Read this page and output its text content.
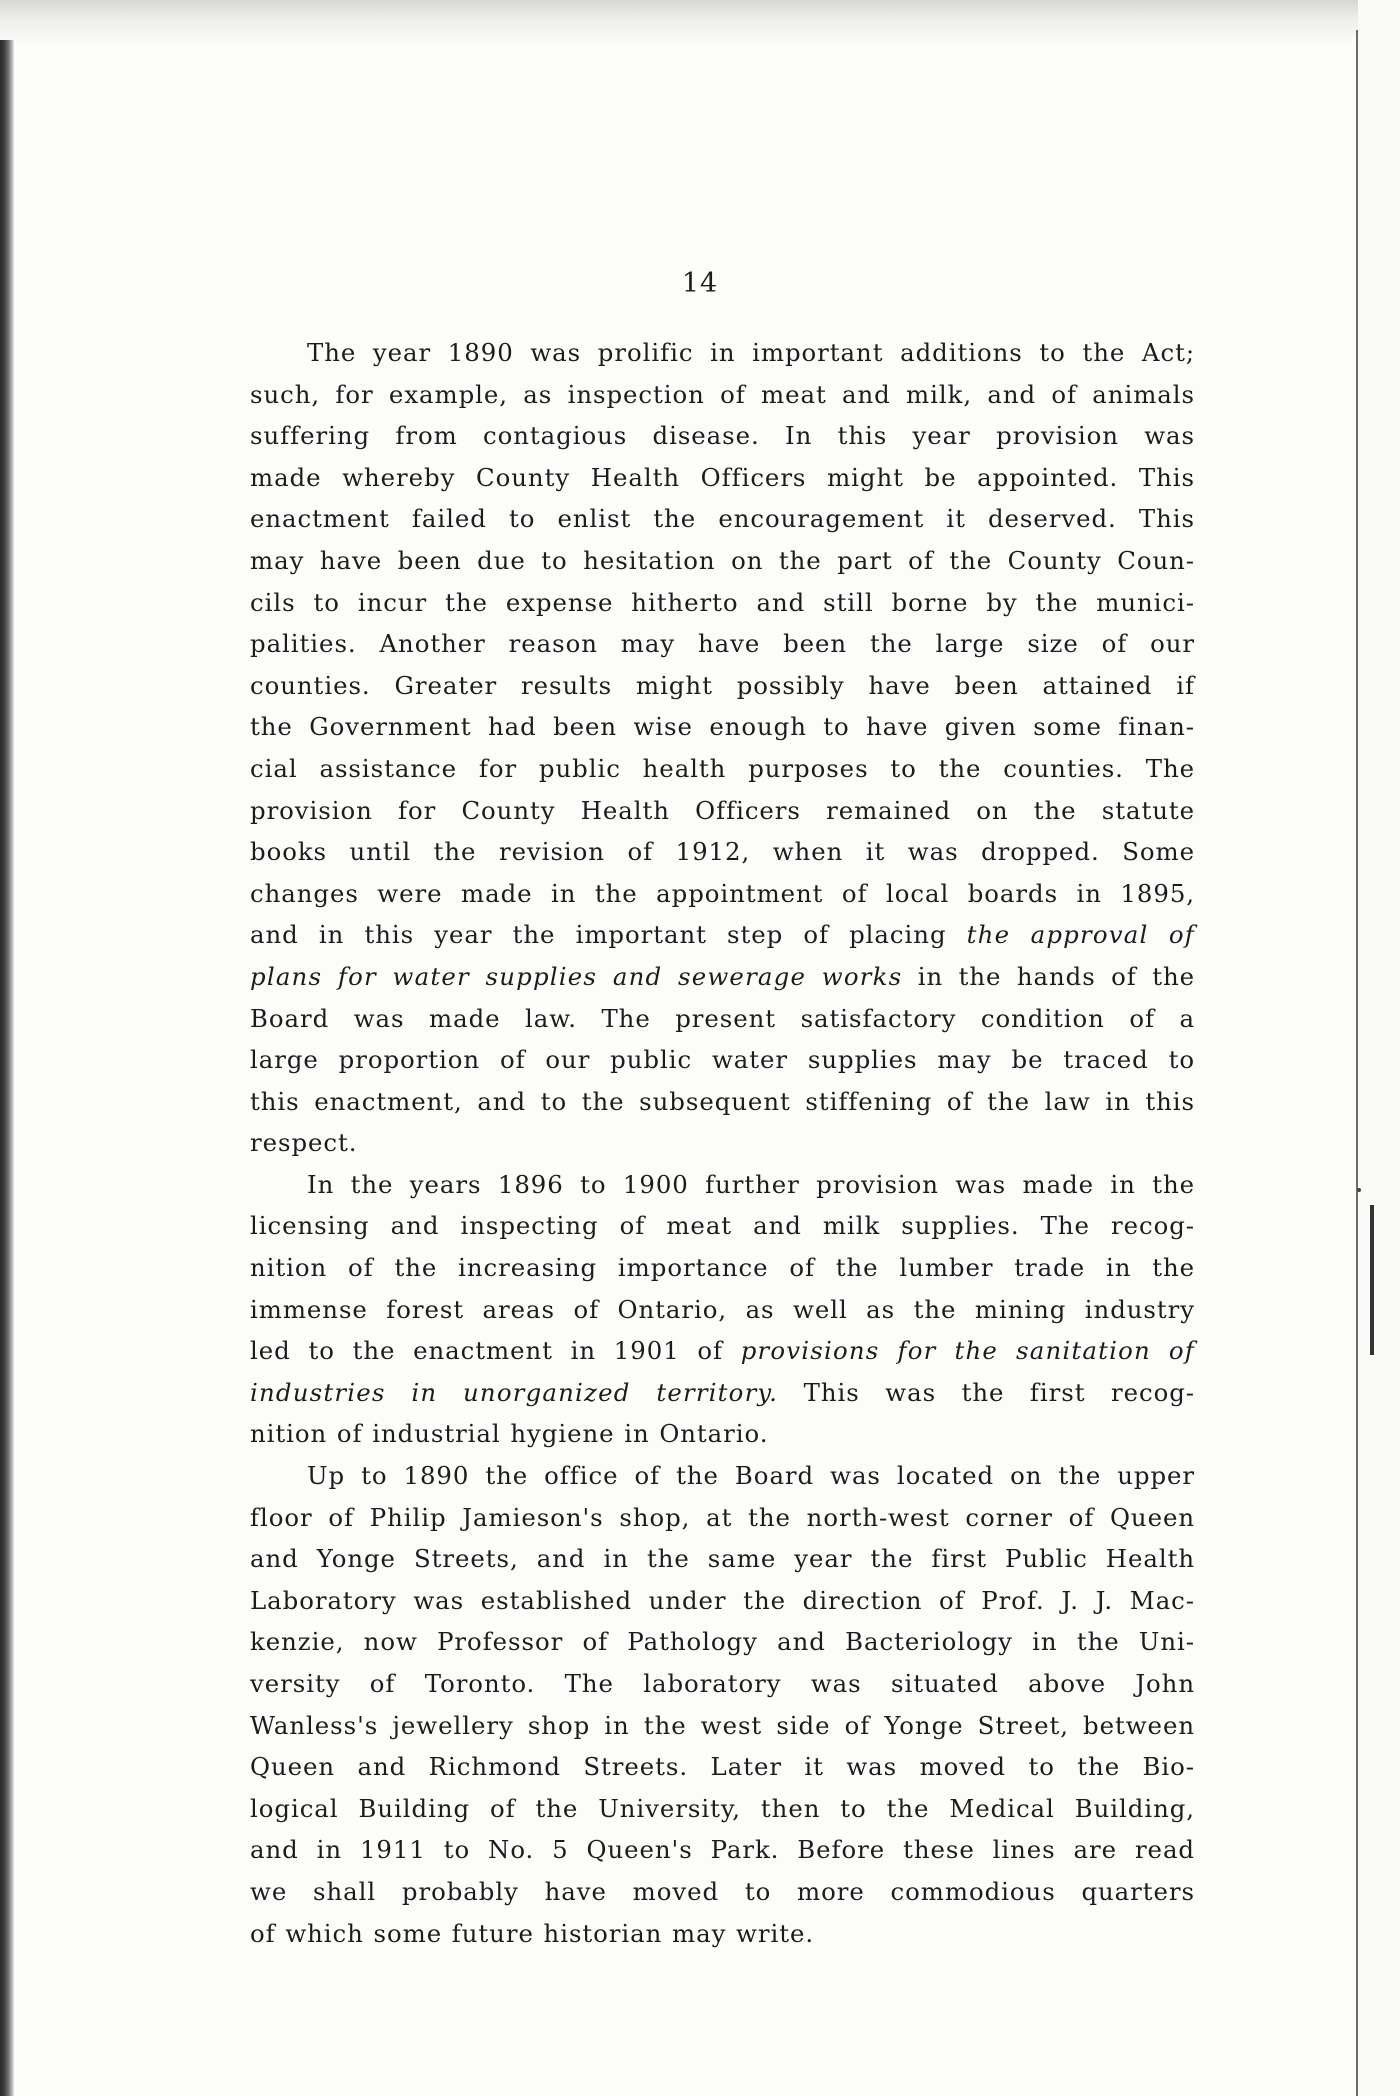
14
The year 1890 was prolific in important additions to the Act;
such, for example, as inspection of meat and milk, and of animals
suffering from contagious disease. In this year provision was
made whereby County Health Officers might be appointed. This
enactment failed to enlist the encouragement it deserved. This
may have been due to hesitation on the part of the County Coun-
cils to incur the expense hitherto and still borne by the munici-
palities. Another reason may have been the large size of our
counties. Greater results might possibly have been attained if
the Government had been wise enough to have given some finan-
cial assistance for public health purposes to the counties. The
provision for County Health Officers remained on the statute
books until the revision of 1912, when it was dropped. Some
changes were made in the appointment of local boards in 1895,
and in this year the important step of placing the approval of
plans for water supplies and sewerage works in the hands of the
Board was made law. The present satisfactory condition of a
large proportion of our public water supplies may be traced to
this enactment, and to the subsequent stiffening of the law in this
respect.
In the years 1896 to 1900 further provision was made in the
licensing and inspecting of meat and milk supplies. The recog-
nition of the increasing importance of the lumber trade in the
immense forest areas of Ontario, as well as the mining industry
led to the enactment in 1901 of provisions for the sanitation of
industries in unorganized territory. This was the first recog-
nition of industrial hygiene in Ontario.
Up to 1890 the office of the Board was located on the upper
floor of Philip Jamieson's shop, at the north-west corner of Queen
and Yonge Streets, and in the same year the first Public Health
Laboratory was established under the direction of Prof. J. J. Mac-
kenzie, now Professor of Pathology and Bacteriology in the Uni-
versity of Toronto. The laboratory was situated above John
Wanless's jewellery shop in the west side of Yonge Street, between
Queen and Richmond Streets. Later it was moved to the Bio-
logical Building of the University, then to the Medical Building,
and in 1911 to No. 5 Queen's Park. Before these lines are read
we shall probably have moved to more commodious quarters
of which some future historian may write.
